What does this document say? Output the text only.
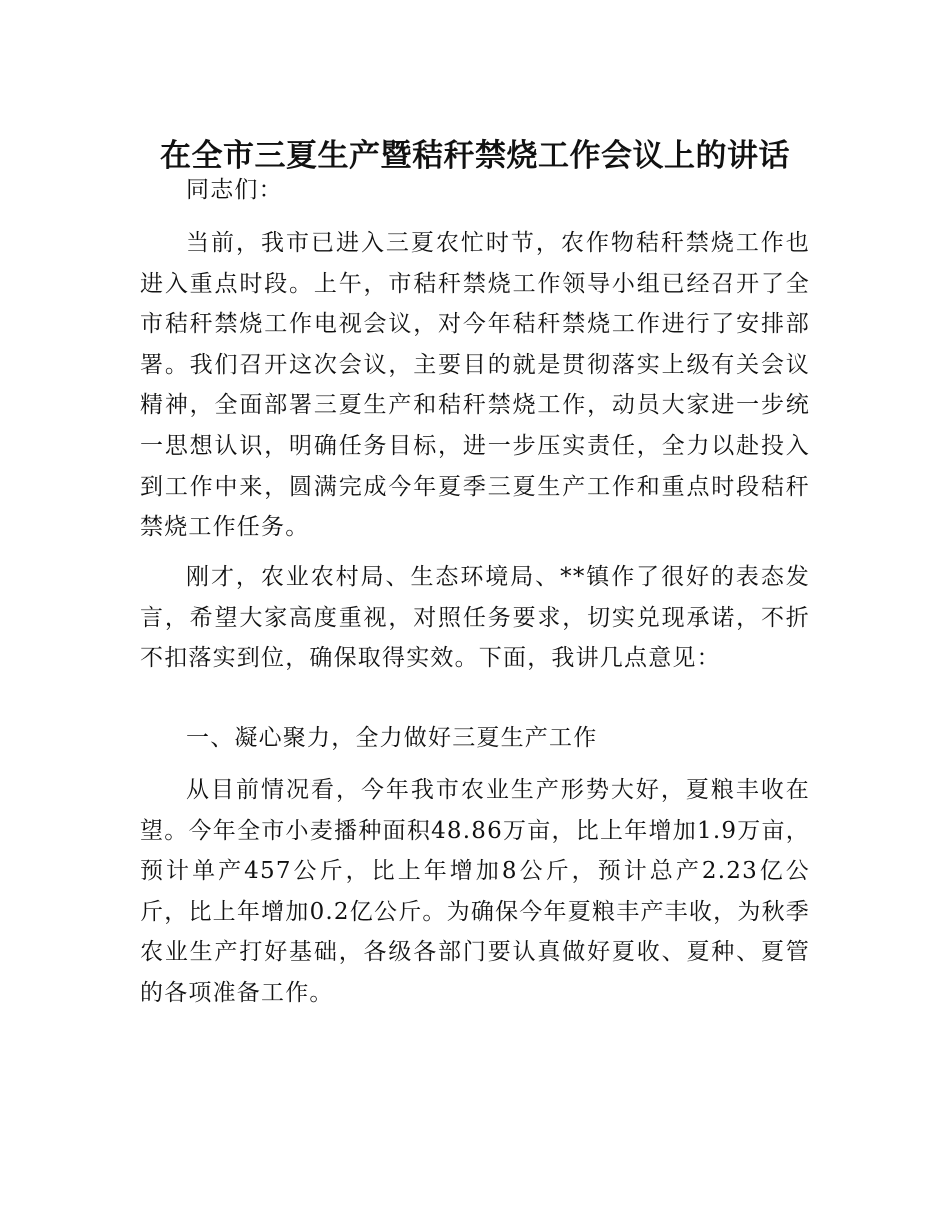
在全市三夏生产暨秸秆禁烧工作会议上的讲话

同志们：

当前，我市已进入三夏农忙时节，农作物秸秆禁烧工作也进入重点时段。上午，市秸秆禁烧工作领导小组已经召开了全市秸秆禁烧工作电视会议，对今年秸秆禁烧工作进行了安排部署。我们召开这次会议，主要目的就是贯彻落实上级有关会议精神，全面部署三夏生产和秸秆禁烧工作，动员大家进一步统一思想认识，明确任务目标，进一步压实责任，全力以赴投入到工作中来，圆满完成今年夏季三夏生产工作和重点时段秸秆禁烧工作任务。

刚才，农业农村局、生态环境局、**镇作了很好的表态发言，希望大家高度重视，对照任务要求，切实兑现承诺，不折不扣落实到位，确保取得实效。下面，我讲几点意见：

一、凝心聚力，全力做好三夏生产工作

从目前情况看，今年我市农业生产形势大好，夏粮丰收在望。今年全市小麦播种面积48.86万亩，比上年增加1.9万亩，预计单产457公斤，比上年增加8公斤，预计总产2.23亿公斤，比上年增加0.2亿公斤。为确保今年夏粮丰产丰收，为秋季农业生产打好基础，各级各部门要认真做好夏收、夏种、夏管的各项准备工作。
